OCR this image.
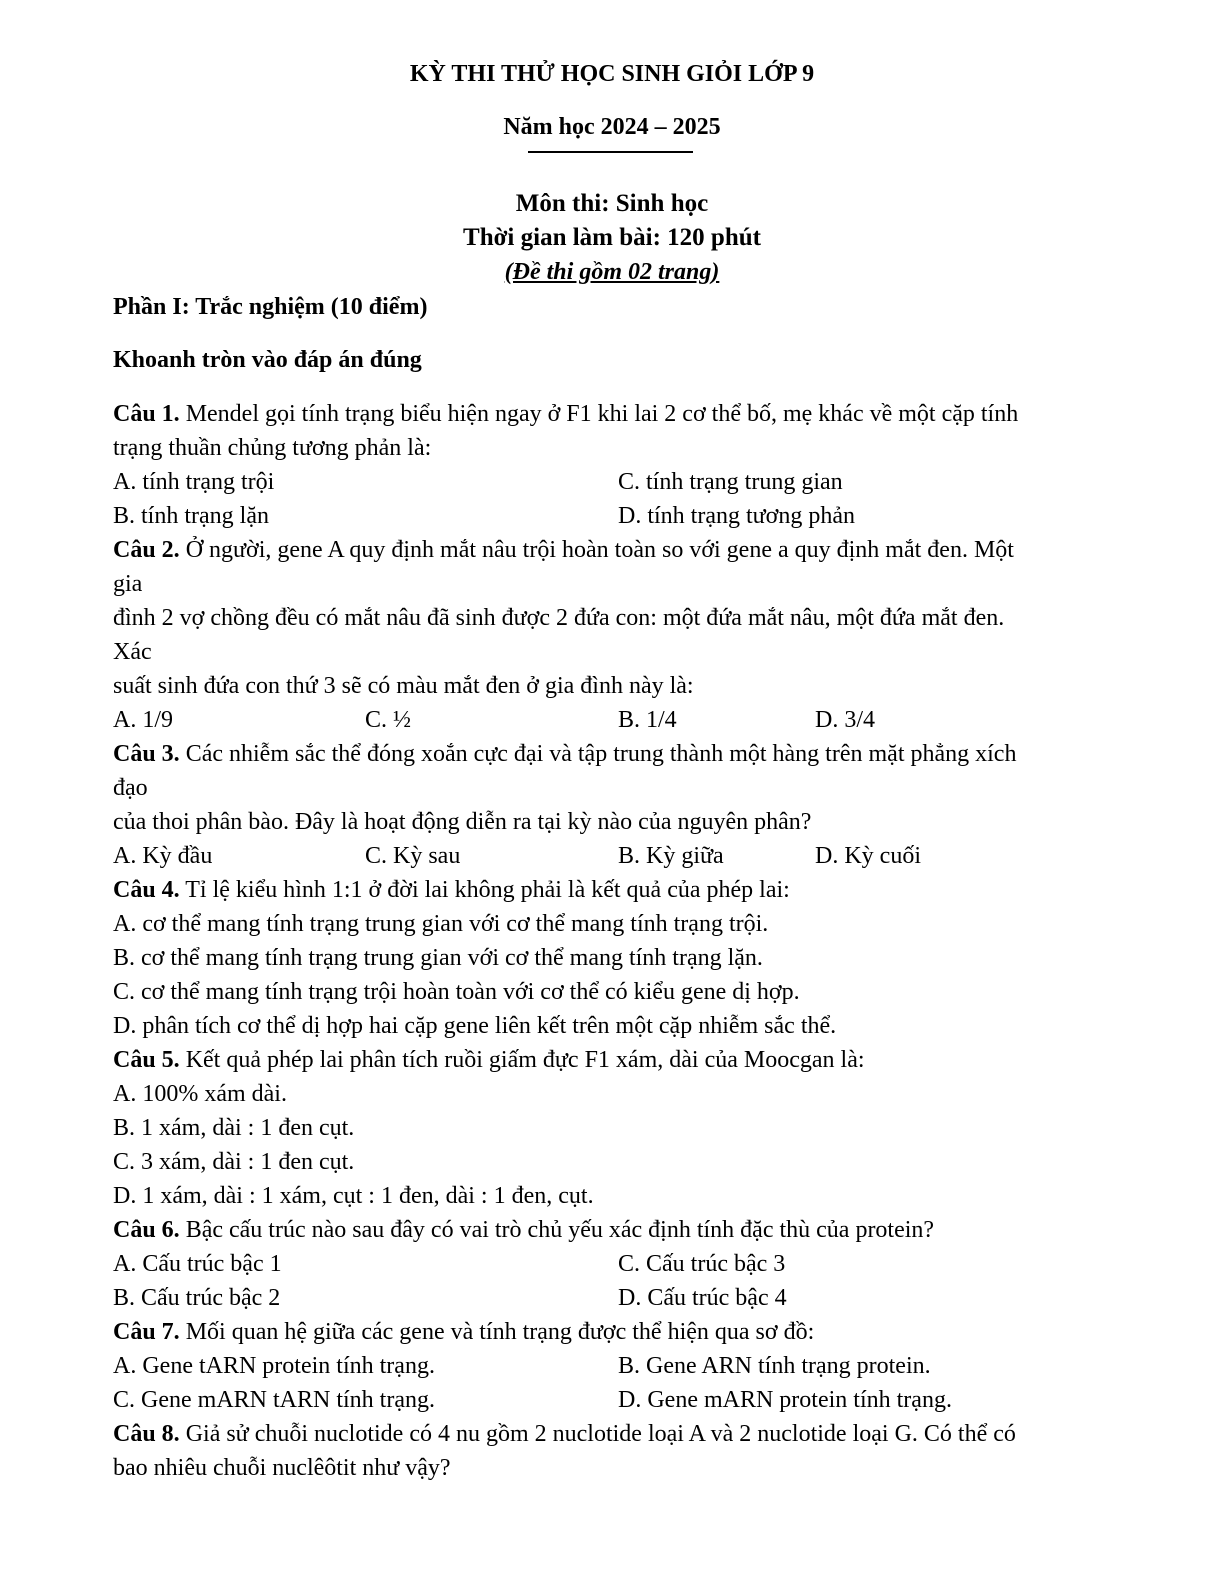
KỲ THI THỬ HỌC SINH GIỎI LỚP 9
Năm học 2024 – 2025
Môn thi: Sinh học
Thời gian làm bài: 120 phút
(Đề thi gồm 02 trang)
Phần I: Trắc nghiệm (10 điểm)
Khoanh tròn vào đáp án đúng
Câu 1. Mendel gọi tính trạng biểu hiện ngay ở F1 khi lai 2 cơ thể bố, mẹ khác về một cặp tính
trạng thuần chủng tương phản là:
A. tính trạng trội	C. tính trạng trung gian
B. tính trạng lặn	D. tính trạng tương phản
Câu 2. Ở người, gene A quy định mắt nâu trội hoàn toàn so với gene a quy định mắt đen. Một
gia
đình 2 vợ chồng đều có mắt nâu đã sinh được 2 đứa con: một đứa mắt nâu, một đứa mắt đen.
Xác
suất sinh đứa con thứ 3 sẽ có màu mắt đen ở gia đình này là:
A. 1/9	C. ½	B. 1/4	D. 3/4
Câu 3. Các nhiễm sắc thể đóng xoắn cực đại và tập trung thành một hàng trên mặt phẳng xích
đạo
của thoi phân bào. Đây là hoạt động diễn ra tại kỳ nào của nguyên phân?
A. Kỳ đầu	C. Kỳ sau	B. Kỳ giữa	D. Kỳ cuối
Câu 4. Tỉ lệ kiểu hình 1:1 ở đời lai không phải là kết quả của phép lai:
A. cơ thể mang tính trạng trung gian với cơ thể mang tính trạng trội.
B. cơ thể mang tính trạng trung gian với cơ thể mang tính trạng lặn.
C. cơ thể mang tính trạng trội hoàn toàn với cơ thể có kiểu gene dị hợp.
D. phân tích cơ thể dị hợp hai cặp gene liên kết trên một cặp nhiễm sắc thể.
Câu 5. Kết quả phép lai phân tích ruồi giấm đực F1 xám, dài của Moocgan là:
A. 100% xám dài.
B. 1 xám, dài : 1 đen cụt.
C. 3 xám, dài : 1 đen cụt.
D. 1 xám, dài : 1 xám, cụt : 1 đen, dài : 1 đen, cụt.
Câu 6. Bậc cấu trúc nào sau đây có vai trò chủ yếu xác định tính đặc thù của protein?
A. Cấu trúc bậc 1	C. Cấu trúc bậc 3
B. Cấu trúc bậc 2	D. Cấu trúc bậc 4
Câu 7. Mối quan hệ giữa các gene và tính trạng được thể hiện qua sơ đồ:
A. Gene tARN protein tính trạng.	B. Gene ARN tính trạng protein.
C. Gene mARN tARN tính trạng.	D. Gene mARN protein tính trạng.
Câu 8. Giả sử chuỗi nuclotide có 4 nu gồm 2 nuclotide loại A và 2 nuclotide loại G. Có thể có
bao nhiêu chuỗi nuclêôtit như vậy?
